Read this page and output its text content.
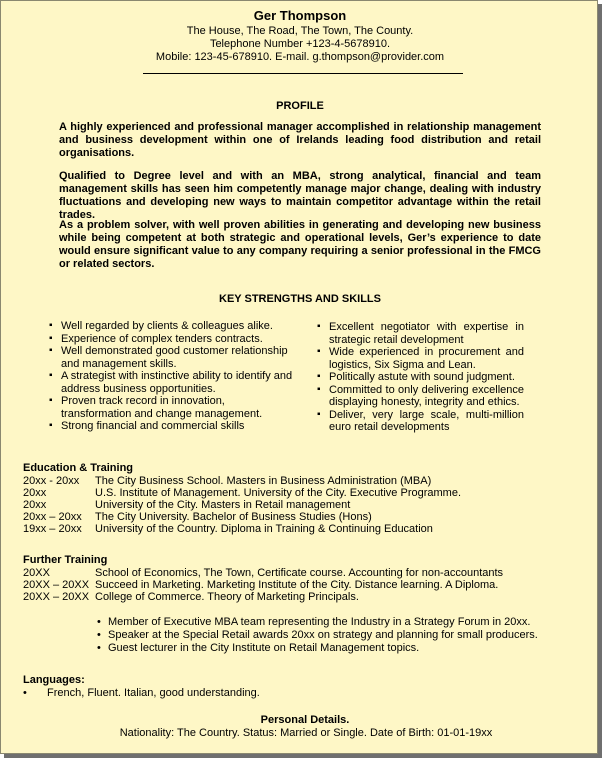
Ger Thompson
The House, The Road, The Town, The County.
Telephone Number +123-4-5678910.
Mobile: 123-45-678910. E-mail. g.thompson@provider.com
PROFILE

A highly experienced and professional manager accomplished in relationship management and business development within one of Irelands leading food distribution and retail organisations.

Qualified to Degree level and with an MBA, strong analytical, financial and team management skills has seen him competently manage major change, dealing with industry fluctuations and developing new ways to maintain competitor advantage within the retail trades.

As a problem solver, with well proven abilities in generating and developing new business while being competent at both strategic and operational levels, Ger’s experience to date would ensure significant value to any company requiring a senior professional in the FMCG or related sectors.

KEY STRENGTHS AND SKILLS
▪ Well regarded by clients & colleagues alike.
▪ Experience of complex tenders contracts.
▪ Well demonstrated good customer relationship and management skills.
▪ A strategist with instinctive ability to identify and address business opportunities.
▪ Proven track record in innovation, transformation and change management.
▪ Strong financial and commercial skills
▪ Excellent negotiator with expertise in strategic retail development
▪ Wide experienced in procurement and logistics, Six Sigma and Lean.
▪ Politically astute with sound judgment.
▪ Committed to only delivering excellence displaying honesty, integrity and ethics.
▪ Deliver, very large scale, multi-million euro retail developments
Education & Training
20xx - 20xx	The City Business School. Masters in Business Administration (MBA)
20xx	U.S. Institute of Management. University of the City. Executive Programme.
20xx	University of the City. Masters in Retail management
20xx – 20xx	The City University. Bachelor of Business Studies (Hons)
19xx – 20xx	University of the Country. Diploma in Training & Continuing Education
Further Training
20XX	School of Economics, The Town, Certificate course. Accounting for non-accountants
20XX – 20XX Succeed in Marketing. Marketing Institute of the City. Distance learning. A Diploma.
20XX – 20XX College of Commerce. Theory of Marketing Principals.
• Member of Executive MBA team representing the Industry in a Strategy Forum in 20xx.
• Speaker at the Special Retail awards 20xx on strategy and planning for small producers.
• Guest lecturer in the City Institute on Retail Management topics.
Languages:
•	French, Fluent. Italian, good understanding.
Personal Details.
Nationality: The Country. Status: Married or Single. Date of Birth: 01-01-19xx
